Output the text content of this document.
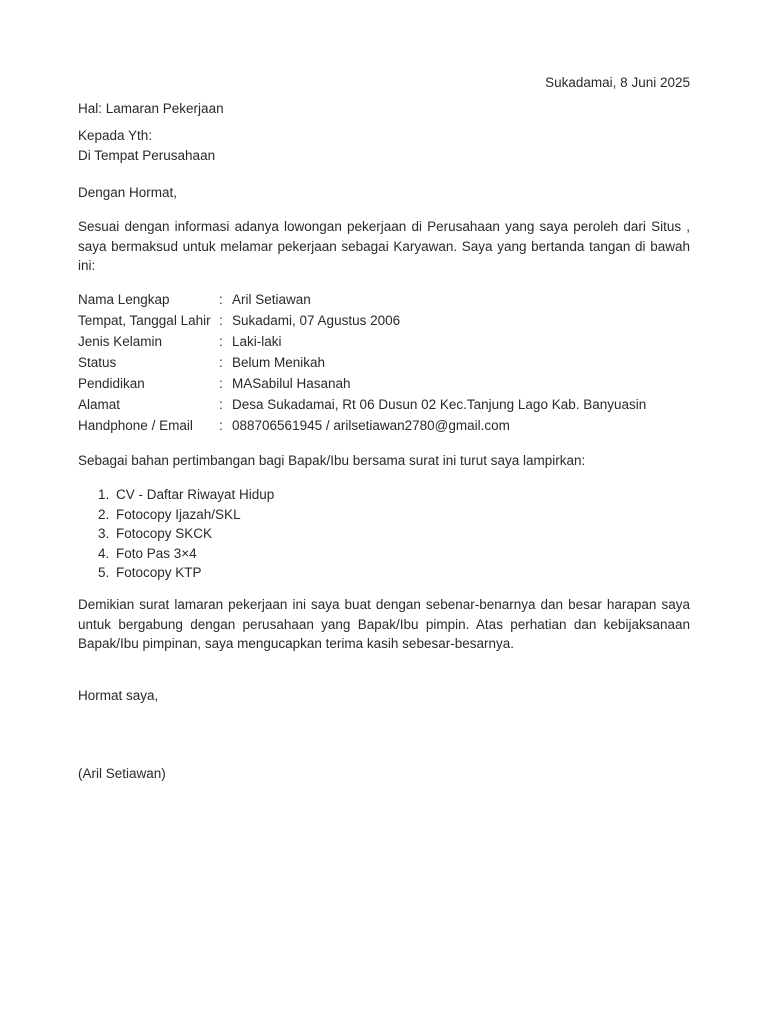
Sukadamai, 8 Juni 2025
Hal: Lamaran Pekerjaan
Kepada Yth:
Di Tempat Perusahaan
Dengan Hormat,
Sesuai dengan informasi adanya lowongan pekerjaan di Perusahaan yang saya peroleh dari Situs , saya bermaksud untuk melamar pekerjaan sebagai Karyawan. Saya yang bertanda tangan di bawah ini:
Nama Lengkap	:	Aril Setiawan
Tempat, Tanggal Lahir	:	Sukadami, 07 Agustus 2006
Jenis Kelamin	:	Laki-laki
Status	:	Belum Menikah
Pendidikan	:	MASabilul Hasanah
Alamat	:	Desa Sukadamai, Rt 06 Dusun 02 Kec.Tanjung Lago Kab. Banyuasin
Handphone / Email	:	088706561945 / arilsetiawan2780@gmail.com
Sebagai bahan pertimbangan bagi Bapak/Ibu bersama surat ini turut saya lampirkan:
1. CV - Daftar Riwayat Hidup
2. Fotocopy Ijazah/SKL
3. Fotocopy SKCK
4. Foto Pas 3×4
5. Fotocopy KTP
Demikian surat lamaran pekerjaan ini saya buat dengan sebenar-benarnya dan besar harapan saya untuk bergabung dengan perusahaan yang Bapak/Ibu pimpin. Atas perhatian dan kebijaksanaan Bapak/Ibu pimpinan, saya mengucapkan terima kasih sebesar-besarnya.
Hormat saya,
(Aril Setiawan)
